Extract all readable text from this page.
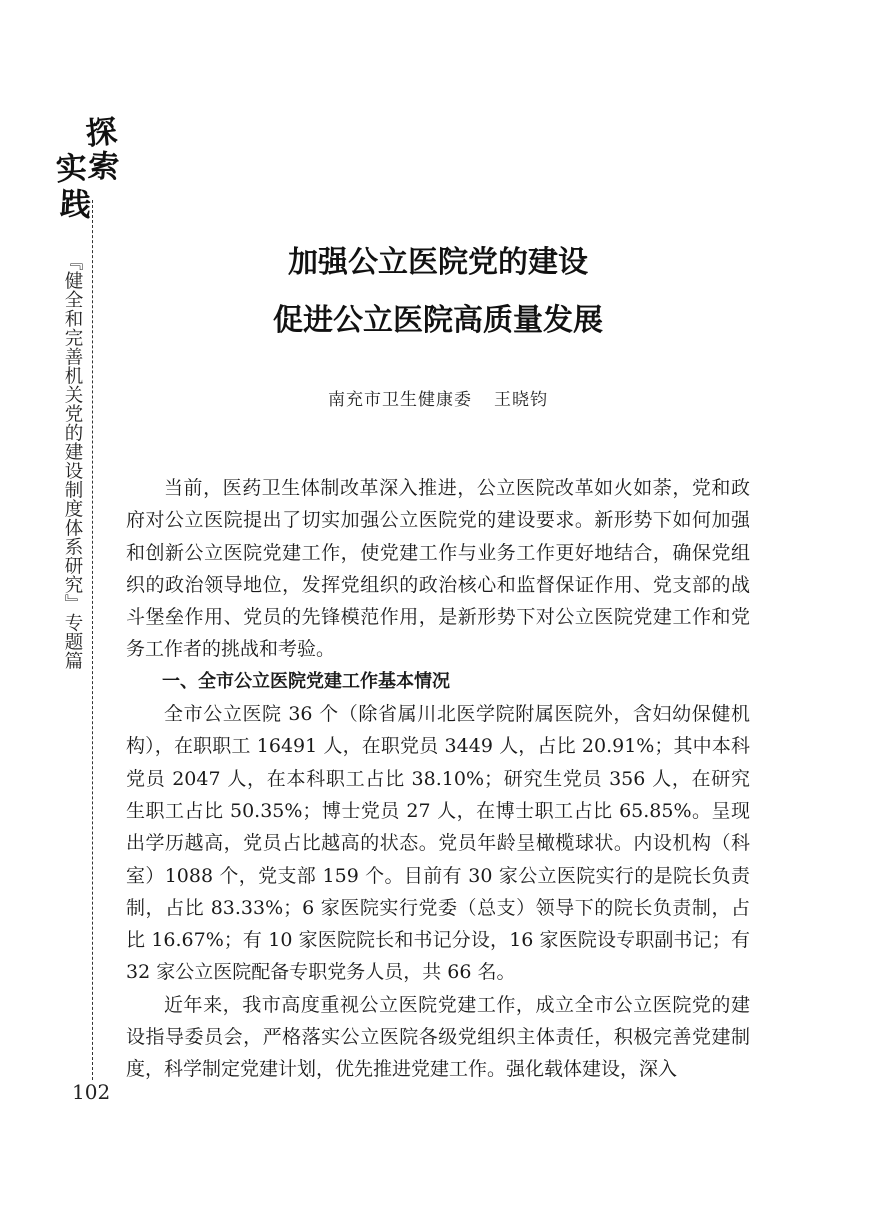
探
索
实
践
『健全和完善机关党的建设制度体系研究』专题篇
102
加强公立医院党的建设
促进公立医院高质量发展
南充市卫生健康委 王晓钧

当前，医药卫生体制改革深入推进，公立医院改革如火如荼，党和政府对公立医院提出了切实加强公立医院党的建设要求。新形势下如何加强和创新公立医院党建工作，使党建工作与业务工作更好地结合，确保党组织的政治领导地位，发挥党组织的政治核心和监督保证作用、党支部的战斗堡垒作用、党员的先锋模范作用，是新形势下对公立医院党建工作和党务工作者的挑战和考验。

一、全市公立医院党建工作基本情况

全市公立医院 36 个（除省属川北医学院附属医院外，含妇幼保健机构），在职职工 16491 人，在职党员 3449 人，占比 20.91%；其中本科党员 2047 人，在本科职工占比 38.10%；研究生党员 356 人，在研究生职工占比 50.35%；博士党员 27 人，在博士职工占比 65.85%。呈现出学历越高，党员占比越高的状态。党员年龄呈橄榄球状。内设机构（科室）1088 个，党支部 159 个。目前有 30 家公立医院实行的是院长负责制，占比 83.33%；6 家医院实行党委（总支）领导下的院长负责制，占比 16.67%；有 10 家医院院长和书记分设，16 家医院设专职副书记；有 32 家公立医院配备专职党务人员，共 66 名。

近年来，我市高度重视公立医院党建工作，成立全市公立医院党的建设指导委员会，严格落实公立医院各级党组织主体责任，积极完善党建制度，科学制定党建计划，优先推进党建工作。强化载体建设，深入
